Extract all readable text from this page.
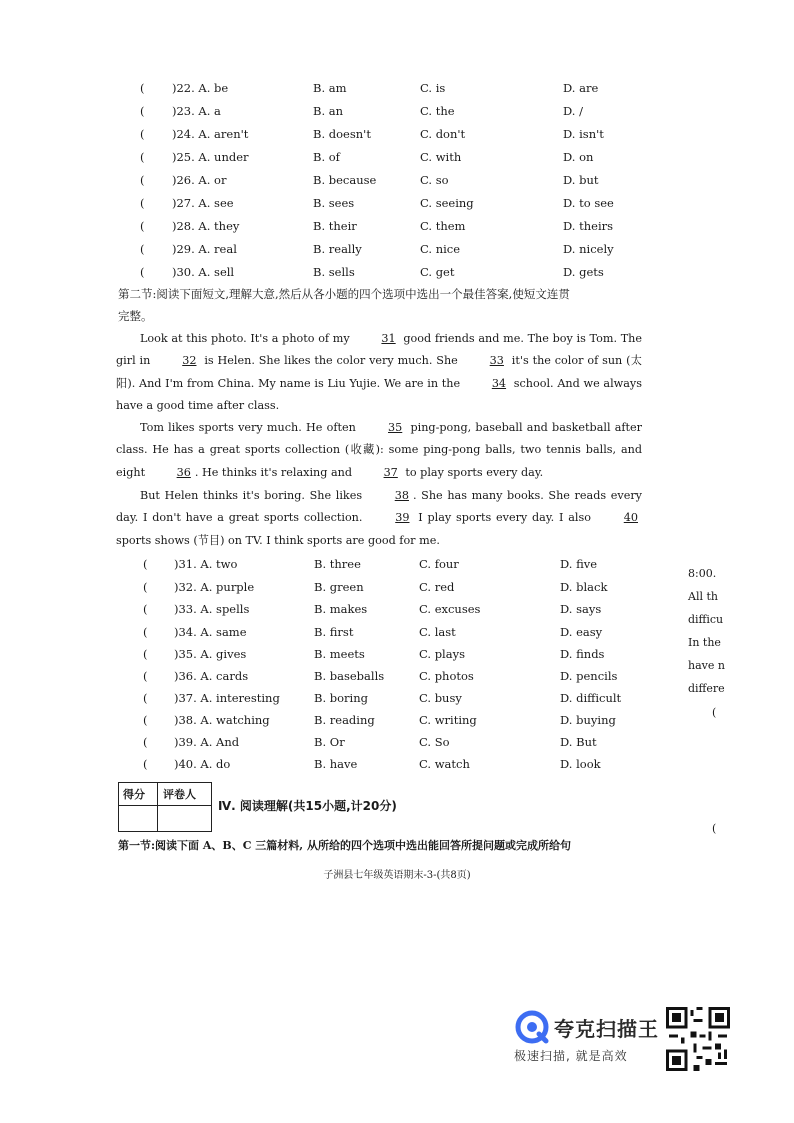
( )22. A. be	B. am	C. is	D. are
( )23. A. a	B. an	C. the	D. /
( )24. A. aren't	B. doesn't	C. don't	D. isn't
( )25. A. under	B. of	C. with	D. on
( )26. A. or	B. because	C. so	D. but
( )27. A. see	B. sees	C. seeing	D. to see
( )28. A. they	B. their	C. them	D. theirs
( )29. A. real	B. really	C. nice	D. nicely
( )30. A. sell	B. sells	C. get	D. gets
第二节:阅读下面短文,理解大意,然后从各小题的四个选项中选出一个最佳答案,使短文连贯
完整。
Look at this photo. It's a photo of my	31 good friends and me. The boy is Tom. The girl in	32 is Helen. She likes the color very much. She	33 it's the color of sun (太阳). And I'm from China. My name is Liu Yujie. We are in the	34 school. And we always have a good time after class.
Tom likes sports very much. He often	35 ping-pong, baseball and basketball after class. He has a great sports collection (收藏): some ping-pong balls, two tennis balls, and eight	36 . He thinks it's relaxing and	37 to play sports every day.
But Helen thinks it's boring. She likes	38 . She has many books. She reads every day. I don't have a great sports collection.	39 I play sports every day. I also	40 sports shows (节目) on TV. I think sports are good for me.
( )31. A. two	B. three	C. four	D. five
( )32. A. purple	B. green	C. red	D. black
( )33. A. spells	B. makes	C. excuses	D. says
( )34. A. same	B. first	C. last	D. easy
( )35. A. gives	B. meets	C. plays	D. finds
( )36. A. cards	B. baseballs	C. photos	D. pencils
( )37. A. interesting	B. boring	C. busy	D. difficult
( )38. A. watching	B. reading	C. writing	D. buying
( )39. A. And	B. Or	C. So	D. But
( )40. A. do	B. have	C. watch	D. look
8:00.
All th
difficu
In the
have n
differe
(
(
得分 评卷人
Ⅳ. 阅读理解(共15小题,计20分)
第一节:阅读下面 A、B、C 三篇材料, 从所给的四个选项中选出能回答所提问题或完成所给句
子洲县七年级英语期末-3-(共8页)
夸克扫描王
极速扫描, 就是高效
